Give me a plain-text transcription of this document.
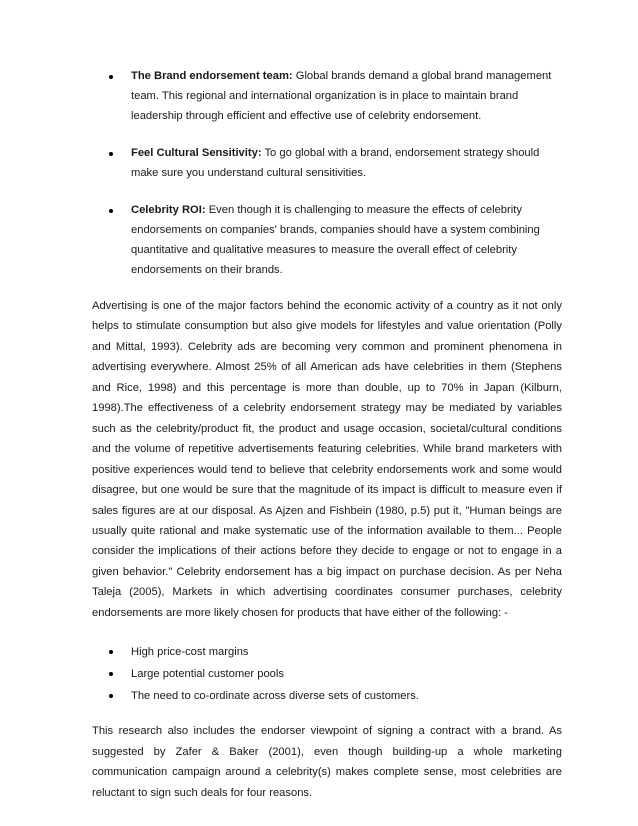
The Brand endorsement team: Global brands demand a global brand management team. This regional and international organization is in place to maintain brand leadership through efficient and effective use of celebrity endorsement.
Feel Cultural Sensitivity: To go global with a brand, endorsement strategy should make sure you understand cultural sensitivities.
Celebrity ROI: Even though it is challenging to measure the effects of celebrity endorsements on companies' brands, companies should have a system combining quantitative and qualitative measures to measure the overall effect of celebrity endorsements on their brands.

Advertising is one of the major factors behind the economic activity of a country as it not only helps to stimulate consumption but also give models for lifestyles and value orientation (Polly and Mittal, 1993). Celebrity ads are becoming very common and prominent phenomena in advertising everywhere. Almost 25% of all American ads have celebrities in them (Stephens and Rice, 1998) and this percentage is more than double, up to 70% in Japan (Kilburn, 1998).The effectiveness of a celebrity endorsement strategy may be mediated by variables such as the celebrity/product fit, the product and usage occasion, societal/cultural conditions and the volume of repetitive advertisements featuring celebrities. While brand marketers with positive experiences would tend to believe that celebrity endorsements work and some would disagree, but one would be sure that the magnitude of its impact is difficult to measure even if sales figures are at our disposal. As Ajzen and Fishbein (1980, p.5) put it, "Human beings are usually quite rational and make systematic use of the information available to them... People consider the implications of their actions before they decide to engage or not to engage in a given behavior." Celebrity endorsement has a big impact on purchase decision. As per Neha Taleja (2005), Markets in which advertising coordinates consumer purchases, celebrity endorsements are more likely chosen for products that have either of the following: -

High price-cost margins
Large potential customer pools
The need to co-ordinate across diverse sets of customers.

This research also includes the endorser viewpoint of signing a contract with a brand. As suggested by Zafer & Baker (2001), even though building-up a whole marketing communication campaign around a celebrity(s) makes complete sense, most celebrities are reluctant to sign such deals for four reasons.
